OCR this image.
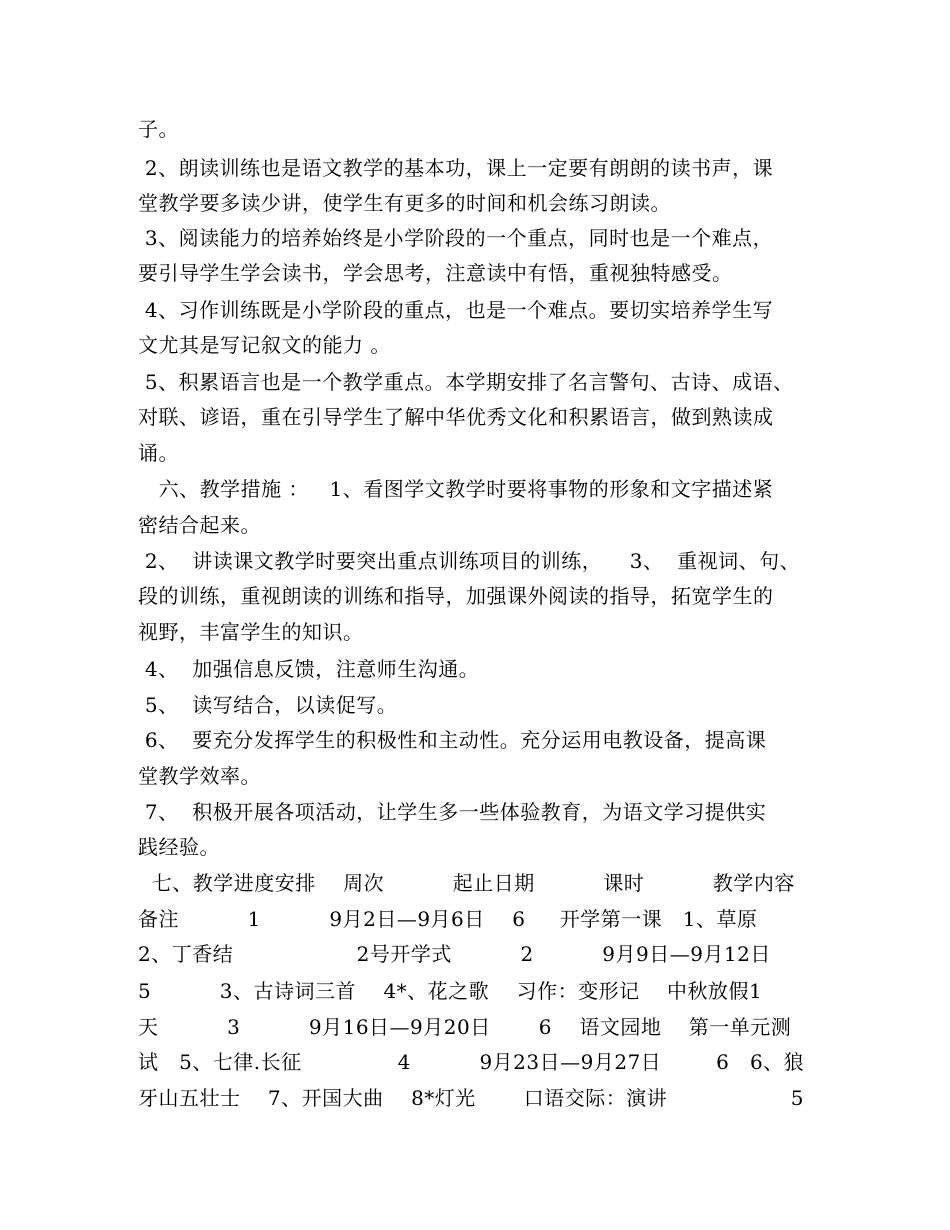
子。
2、朗读训练也是语文教学的基本功，课上一定要有朗朗的读书声，课
堂教学要多读少讲，使学生有更多的时间和机会练习朗读。
3、阅读能力的培养始终是小学阶段的一个重点，同时也是一个难点，
要引导学生学会读书，学会思考，注意读中有悟，重视独特感受。
4、习作训练既是小学阶段的重点，也是一个难点。要切实培养学生写
文尤其是写记叙文的能力 。
5、积累语言也是一个教学重点。本学期安排了名言警句、古诗、成语、
对联、谚语，重在引导学生了解中华优秀文化和积累语言，做到熟读成
诵。
六、教学措施 ：   1、看图学文教学时要将事物的形象和文字描述紧
密结合起来。
2、  讲读课文教学时要突出重点训练项目的训练，    3、  重视词、句、
段的训练，重视朗读的训练和指导，加强课外阅读的指导，拓宽学生的
视野，丰富学生的知识。
4、  加强信息反馈，注意师生沟通。
5、  读写结合，以读促写。
6、  要充分发挥学生的积极性和主动性。充分运用电教设备，提高课
堂教学效率。
7、  积极开展各项活动，让学生多一些体验教育，为语文学习提供实
践经验。
七、教学进度安排    周次          起止日期          课时          教学内容
备注          1          9月2日—9月6日    6     开学第一课   1、草原
2、丁香结                  2号开学式          2          9月9日—9月12日
5          3、古诗词三首    4*、花之歌    习作：变形记    中秋放假1
天          3          9月16日—9月20日       6    语文园地    第一单元测
试   5、七律.长征              4          9月23日—9月27日        6   6、狼
牙山五壮士    7、开国大曲    8*灯光       口语交际：演讲                  5
